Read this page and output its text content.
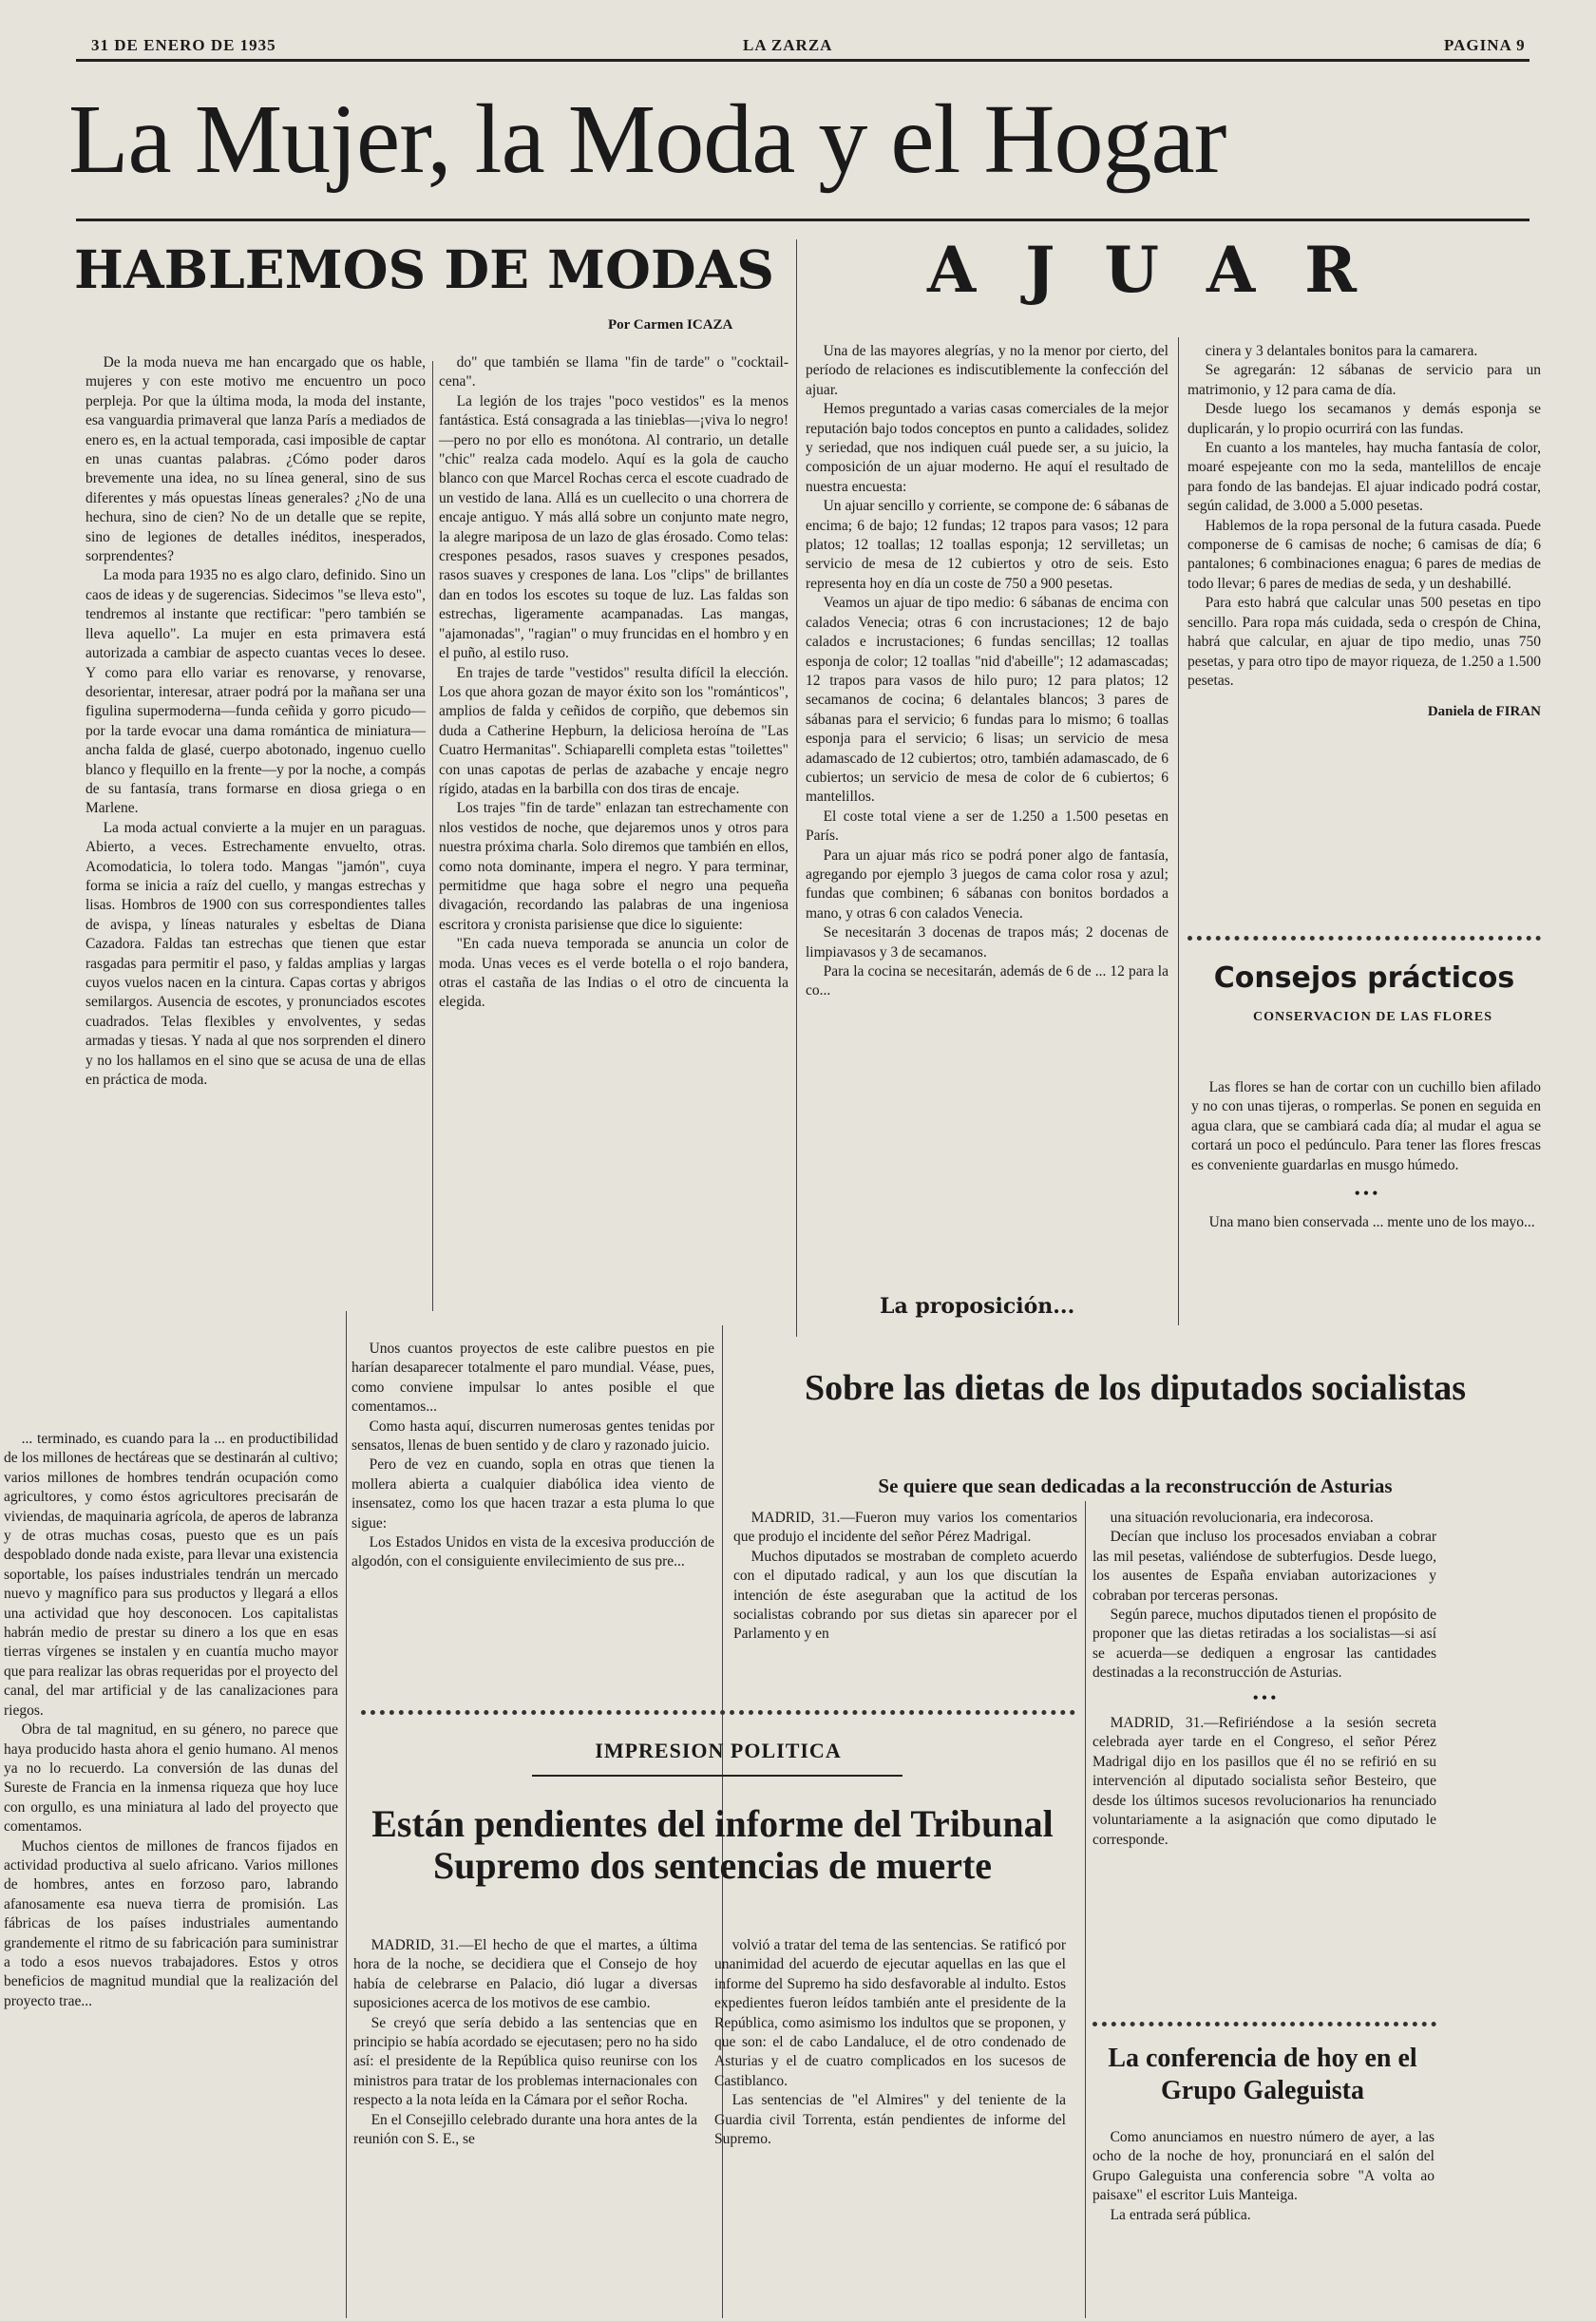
31 DE ENERO DE 1935	LA ZARZA	PAGINA 9
La Mujer, la Moda y el Hogar
HABLEMOS DE MODAS
Por Carmen ICAZA

De la moda nueva me han encargado que os hable, mujeres y con este motivo me encuentro un poco perpleja. Por que la última moda, la moda del instante, esa vanguardia primaveral que lanza París a mediados de enero es, en la actual temporada, casi imposible de captar en unas cuantas palabras. ¿Cómo poder daros brevemente una idea, no su línea general, sino de sus diferentes y más opuestas líneas generales? ¿No de una hechura, sino de cien? No de un detalle que se repite, sino de legiones de detalles inéditos, inesperados, sorprendentes?

La moda para 1935 no es algo claro, definido. Sino un caos de ideas y de sugerencias. Sidecimos "se lleva esto", tendremos al instante que rectificar: "pero también se lleva aquello". La mujer en esta primavera está autorizada a cambiar de aspecto cuantas veces lo desee. Y como para ello variar es renovarse, y renovarse, desorientar, interesar, atraer podrá por la mañana ser una figulina supermoderna—funda ceñida y gorro picudo—por la tarde evocar una dama romántica de miniatura—ancha falda de glasé, cuerpo abotonado, ingenuo cuello blanco y flequillo en la frente—y por la noche, a compás de su fantasía, trans formarse en diosa griega o en Marlene.

La moda actual convierte a la mujer en un paraguas. Abierto, a veces. Estrechamente envuelto, otras. Acomodaticia, lo tolera todo. Mangas "jamón", cuya forma se inicia a raíz del cuello, y mangas estrechas y lisas. Hombros de 1900 con sus correspondientes talles de avispa, y líneas naturales y esbeltas de Diana Cazadora. Faldas tan estrechas que tienen que estar rasgadas para permitir el paso, y faldas amplias y largas cuyos vuelos nacen en la cintura. Capas cortas y abrigos semilargos. Ausencia de escotes, y pronunciados escotes cuadrados. Telas flexibles y envolventes, y sedas armadas y tiesas. Y nada al que nos sorprenden el dinero y no los hallamos en el sino que se acusa de una de ellas en práctica de moda.

do" que también se llama "fin de tarde" o "cocktail-cena".

La legión de los trajes "poco vestidos" es la menos fantástica. Está consagrada a las tinieblas—¡viva lo negro! —pero no por ello es monótona. Al contrario, un detalle "chic" realza cada modelo. Aquí es la gola de caucho blanco con que Marcel Rochas cerca el escote cuadrado de un vestido de lana. Allá es un cuellecito o una chorrera de encaje antiguo. Y más allá sobre un conjunto mate negro, la alegre mariposa de un lazo de glas érosado. Como telas: crespones pesados, rasos suaves y crespones pesados, rasos suaves y crespones de lana. Los "clips" de brillantes dan en todos los escotes su toque de luz. Las faldas son estrechas, ligeramente acampanadas. Las mangas, "ajamonadas", "ragian" o muy fruncidas en el hombro y en el puño, al estilo ruso.

En trajes de tarde "vestidos" resulta difícil la elección. Los que ahora gozan de mayor éxito son los "románticos", amplios de falda y ceñidos de corpiño, que debemos sin duda a Catherine Hepburn, la deliciosa heroína de "Las Cuatro Hermanitas". Schiaparelli completa estas "toilettes" con unas capotas de perlas de azabache y encaje negro rígido, atadas en la barbilla con dos tiras de encaje.

Los trajes "fin de tarde" enlazan tan estrechamente con nlos vestidos de noche, que dejaremos unos y otros para nuestra próxima charla. Solo diremos que también en ellos, como nota dominante, impera el negro. Y para terminar, permitidme que haga sobre el negro una pequeña divagación, recordando las palabras de una ingeniosa escritora y cronista parisiense que dice lo siguiente:

"En cada nueva temporada se anuncia un color de moda. Unas veces es el verde botella o el rojo bandera, otras el castaña de las Indias o el otro de cincuenta la elegida.

AJUAR

Una de las mayores alegrías, y no la menor por cierto, del período de relaciones es indiscutiblemente la confección del ajuar.

Hemos preguntado a varias casas comerciales de la mejor reputación bajo todos conceptos en punto a calidades, solidez y seriedad, que nos indiquen cuál puede ser, a su juicio, la composición de un ajuar moderno. He aquí el resultado de nuestra encuesta:

Un ajuar sencillo y corriente, se compone de: 6 sábanas de encima; 6 de bajo; 12 fundas; 12 trapos para vasos; 12 para platos; 12 toallas; 12 toallas esponja; 12 servilletas; un servicio de mesa de 12 cubiertos y otro de seis. Esto representa hoy en día un coste de 750 a 900 pesetas.

Veamos un ajuar de tipo medio: 6 sábanas de encima con calados Venecia; otras 6 con incrustaciones; 12 de bajo calados e incrustaciones; 6 fundas sencillas; 12 toallas esponja de color; 12 toallas "nid d'abeille"; 12 adamascadas; 12 trapos para vasos de hilo puro; 12 para platos; 12 secamanos de cocina; 6 delantales blancos; 3 pares de sábanas para el servicio; 6 fundas para lo mismo; 6 toallas esponja para el servicio; 6 lisas; un servicio de mesa adamascado de 12 cubiertos; otro, también adamascado, de 6 cubiertos; un servicio de mesa de color de 6 cubiertos; 6 mantelillos.

El coste total viene a ser de 1.250 a 1.500 pesetas en París.

Para un ajuar más rico se podrá poner algo de fantasía, agregando por ejemplo 3 juegos de cama color rosa y azul; fundas que combinen; 6 sábanas con bonitos bordados a mano, y otras 6 con calados Venecia.

Se necesitarán 3 docenas de trapos más; 2 docenas de limpiavasos y 3 de secamanos.

Para la cocina se necesitarán, además de 6 de ... 12 para la co...

cinera y 3 delantales bonitos para la camarera.

Se agregarán: 12 sábanas de servicio para un matrimonio, y 12 para cama de día.

Desde luego los secamanos y demás esponja se duplicarán, y lo propio ocurrirá con las fundas.

En cuanto a los manteles, hay mucha fantasía de color, moaré espejeante con mo la seda, mantelillos de encaje para fondo de las bandejas. El ajuar indicado podrá costar, según calidad, de 3.000 a 5.000 pesetas.

Hablemos de la ropa personal de la futura casada. Puede componerse de 6 camisas de noche; 6 camisas de día; 6 pantalones; 6 combinaciones enagua; 6 pares de medias de todo llevar; 6 pares de medias de seda, y un deshabillé.

Para esto habrá que calcular unas 500 pesetas en tipo sencillo. Para ropa más cuidada, seda o crespón de China, habrá que calcular, en ajuar de tipo medio, unas 750 pesetas, y para otro tipo de mayor riqueza, de 1.250 a 1.500 pesetas.

Daniela de FIRAN
Consejos prácticos
CONSERVACION DE LAS FLORES

Las flores se han de cortar con un cuchillo bien afilado y no con unas tijeras, o romperlas. Se ponen en seguida en agua clara, que se cambiará cada día; al mudar el agua se cortará un poco el pedúnculo. Para tener las flores frescas es conveniente guardarlas en musgo húmedo.

• • •

Una mano bien conservada ... mente uno de los mayo...

... terminado, es cuando para la ... en productibilidad de los millones de hectáreas que se destinarán al cultivo; varios millones de hombres tendrán ocupación como agricultores, y como éstos agricultores precisarán de viviendas, de maquinaria agrícola, de aperos de labranza y de otras muchas cosas, puesto que es un país despoblado donde nada existe, para llevar una existencia soportable, los países industriales tendrán un mercado nuevo y magnífico para sus productos y llegará a ellos una actividad que hoy desconocen. Los capitalistas habrán medio de prestar su dinero a los que en esas tierras vírgenes se instalen y en cuantía mucho mayor que para realizar las obras requeridas por el proyecto del canal, del mar artificial y de las canalizaciones para riegos.

Obra de tal magnitud, en su género, no parece que haya producido hasta ahora el genio humano. Al menos ya no lo recuerdo. La conversión de las dunas del Sureste de Francia en la inmensa riqueza que hoy luce con orgullo, es una miniatura al lado del proyecto que comentamos.

Muchos cientos de millones de francos fijados en actividad productiva al suelo africano. Varios millones de hombres, antes en forzoso paro, labrando afanosamente esa nueva tierra de promisión. Las fábricas de los países industriales aumentando grandemente el ritmo de su fabricación para suministrar a todo a esos nuevos trabajadores. Estos y otros beneficios de magnitud mundial que la realización del proyecto trae...

Unos cuantos proyectos de este calibre puestos en pie harían desaparecer totalmente el paro mundial. Véase, pues, como conviene impulsar lo antes posible el que comentamos...

Como hasta aquí, discurren numerosas gentes tenidas por sensatos, llenas de buen sentido y de claro y razonado juicio.

Pero de vez en cuando, sopla en otras que tienen la mollera abierta a cualquier diabólica idea viento de insensatez, como los que hacen trazar a esta pluma lo que sigue:

Los Estados Unidos en vista de la excesiva producción de algodón, con el consiguiente envilecimiento de sus pre...

La proposición...
Sobre las dietas de los diputados socialistas
Se quiere que sean dedicadas a la reconstrucción de Asturias

MADRID, 31.—Fueron muy varios los comentarios que produjo el incidente del señor Pérez Madrigal.

Muchos diputados se mostraban de completo acuerdo con el diputado radical, y aun los que discutían la intención de éste aseguraban que la actitud de los socialistas cobrando por sus dietas sin aparecer por el Parlamento y en

una situación revolucionaria, era indecorosa.

Decían que incluso los procesados enviaban a cobrar las mil pesetas, valiéndose de subterfugios. Desde luego, los ausentes de España enviaban autorizaciones y cobraban por terceras personas.

Según parece, muchos diputados tienen el propósito de proponer que las dietas retiradas a los socialistas—si así se acuerda—se dediquen a engrosar las cantidades destinadas a la reconstrucción de Asturias.

• • •

MADRID, 31.—Refiriéndose a la sesión secreta celebrada ayer tarde en el Congreso, el señor Pérez Madrigal dijo en los pasillos que él no se refirió en su intervención al diputado socialista señor Besteiro, que desde los últimos sucesos revolucionarios ha renunciado voluntariamente a la asignación que como diputado le corresponde.

IMPRESION POLITICA
Están pendientes del informe del Tribunal Supremo dos sentencias de muerte

MADRID, 31.—El hecho de que el martes, a última hora de la noche, se decidiera que el Consejo de hoy había de celebrarse en Palacio, dió lugar a diversas suposiciones acerca de los motivos de ese cambio.

Se creyó que sería debido a las sentencias que en principio se había acordado se ejecutasen; pero no ha sido así: el presidente de la República quiso reunirse con los ministros para tratar de los problemas internacionales con respecto a la nota leída en la Cámara por el señor Rocha.

En el Consejillo celebrado durante una hora antes de la reunión con S. E., se

volvió a tratar del tema de las sentencias. Se ratificó por unanimidad del acuerdo de ejecutar aquellas en las que el informe del Supremo ha sido desfavorable al indulto. Estos expedientes fueron leídos también ante el presidente de la República, como asimismo los indultos que se proponen, y que son: el de cabo Landaluce, el de otro condenado de Asturias y el de cuatro complicados en los sucesos de Castiblanco.

Las sentencias de "el Almires" y del teniente de la Guardia civil Torrenta, están pendientes de informe del Supremo.

La conferencia de hoy en el Grupo Galeguista

Como anunciamos en nuestro número de ayer, a las ocho de la noche de hoy, pronunciará en el salón del Grupo Galeguista una conferencia sobre "A volta ao paisaxe" el escritor Luis Manteiga.

La entrada será pública.
